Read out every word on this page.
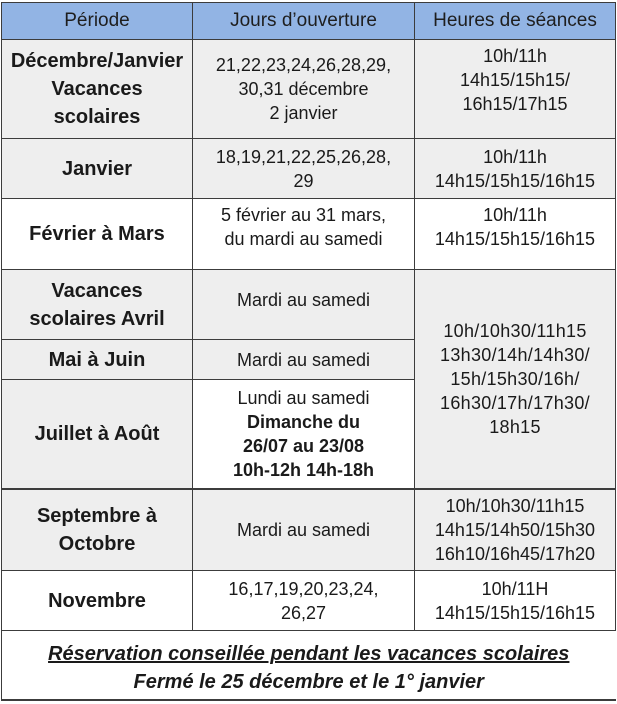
Période	Jours d’ouverture	Heures de séances

Décembre/Janvier
Vacances
scolaires	21,22,23,24,26,28,29,
30,31 décembre
2 janvier	10h/11h
14h15/15h15/
16h15/17h15

Janvier	18,19,21,22,25,26,28,
29	10h/11h
14h15/15h15/16h15

Février à Mars	5 février au 31 mars,
du mardi au samedi	10h/11h
14h15/15h15/16h15

Vacances
scolaires Avril	Mardi au samedi	10h/10h30/11h15
13h30/14h/14h30/
15h/15h30/16h/
16h30/17h/17h30/
18h15

Mai à Juin	Mardi au samedi	

Juillet à Août	Lundi au samedi
Dimanche du
26/07 au 23/08
10h-12h 14h-18h	

Septembre à
Octobre	Mardi au samedi	10h/10h30/11h15
14h15/14h50/15h30
16h10/16h45/17h20

Novembre	16,17,19,20,23,24,
26,27	10h/11H
14h15/15h15/16h15

Réservation conseillée pendant les vacances scolaires
Fermé le 25 décembre et le 1° janvier		
